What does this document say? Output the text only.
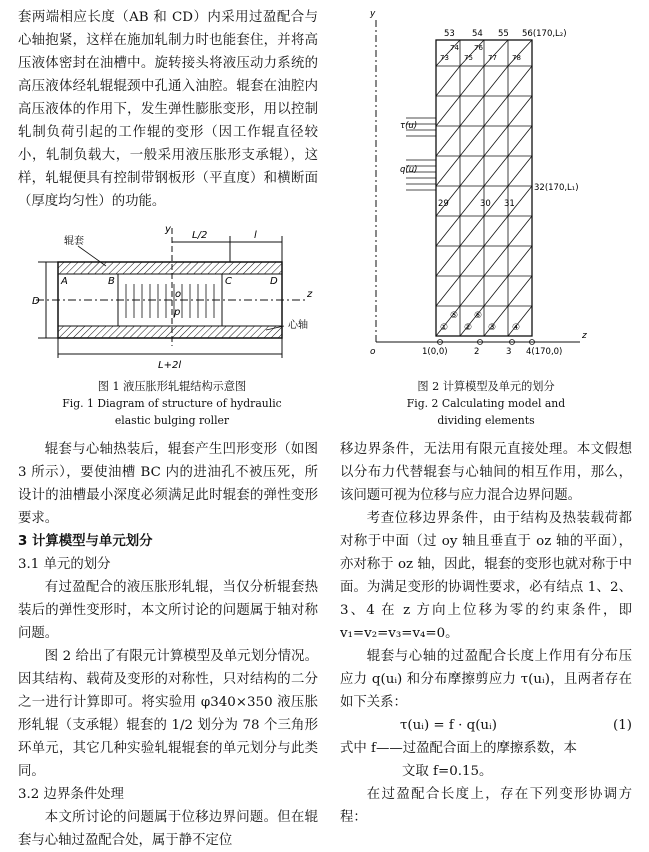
套两端相应长度（AB 和 CD）内采用过盈配合与心轴抱紧，这样在施加轧制力时也能套住，并将高压液体密封在油槽中。旋转接头将液压动力系统的高压液体经轧辊辊颈中孔通入油腔。辊套在油腔内高压液体的作用下，发生弹性膨胀变形，用以控制轧制负荷引起的工作辊的变形（因工作辊直径较小，轧制负载大，一般采用液压胀形支承辊），这样，轧辊便具有控制带钢板形（平直度）和横断面（厚度均匀性）的功能。

辊套
心轴
L/2	l
L+2l
A	B	C	D
y
z
o
p
D
图 1 液压胀形轧辊结构示意图
Fig. 1 Diagram of structure of hydraulic
elastic bulging roller
53 54 55 56(170,L₂)
29	30 31
32(170,L₁)
τ(u)
q(u)
1(0,0)	2	3 4(170,0)
o
y
z
① ② ③ ④
⑤ ⑥
73
74
75
76
77 78
图 2 计算模型及单元的划分
Fig. 2 Calculating model and
dividing elements

辊套与心轴热装后，辊套产生凹形变形（如图 3 所示），要使油槽 BC 内的进油孔不被压死，所设计的油槽最小深度必须满足此时辊套的弹性变形要求。

3 计算模型与单元划分
3.1 单元的划分

有过盈配合的液压胀形轧辊，当仅分析辊套热装后的弹性变形时，本文所讨论的问题属于轴对称问题。

图 2 给出了有限元计算模型及单元划分情况。因其结构、载荷及变形的对称性，只对结构的二分之一进行计算即可。将实验用 φ340×350 液压胀形轧辊（支承辊）辊套的 1/2 划分为 78 个三角形环单元，其它几种实验轧辊辊套的单元划分与此类同。

3.2 边界条件处理

本文所讨论的问题属于位移边界问题。但在辊套与心轴过盈配合处，属于静不定位

移边界条件，无法用有限元直接处理。本文假想以分布力代替辊套与心轴间的相互作用，那么，该问题可视为位移与应力混合边界问题。

考查位移边界条件，由于结构及热装载荷都对称于中面（过 oy 轴且垂直于 oz 轴的平面），亦对称于 oz 轴，因此，辊套的变形也就对称于中面。为满足变形的协调性要求，必有结点 1、2、3、4 在 z 方向上位移为零的约束条件，即 v₁=v₂=v₃=v₄=0。

辊套与心轴的过盈配合长度上作用有分布压应力 q(uᵢ) 和分布摩擦剪应力 τ(uᵢ)，且两者存在如下关系：

τ(uᵢ) = f · q(uᵢ)	(1)
式中 f——过盈配合面上的摩擦系数，本
文取 f=0.15。

在过盈配合长度上，存在下列变形协调方程：
